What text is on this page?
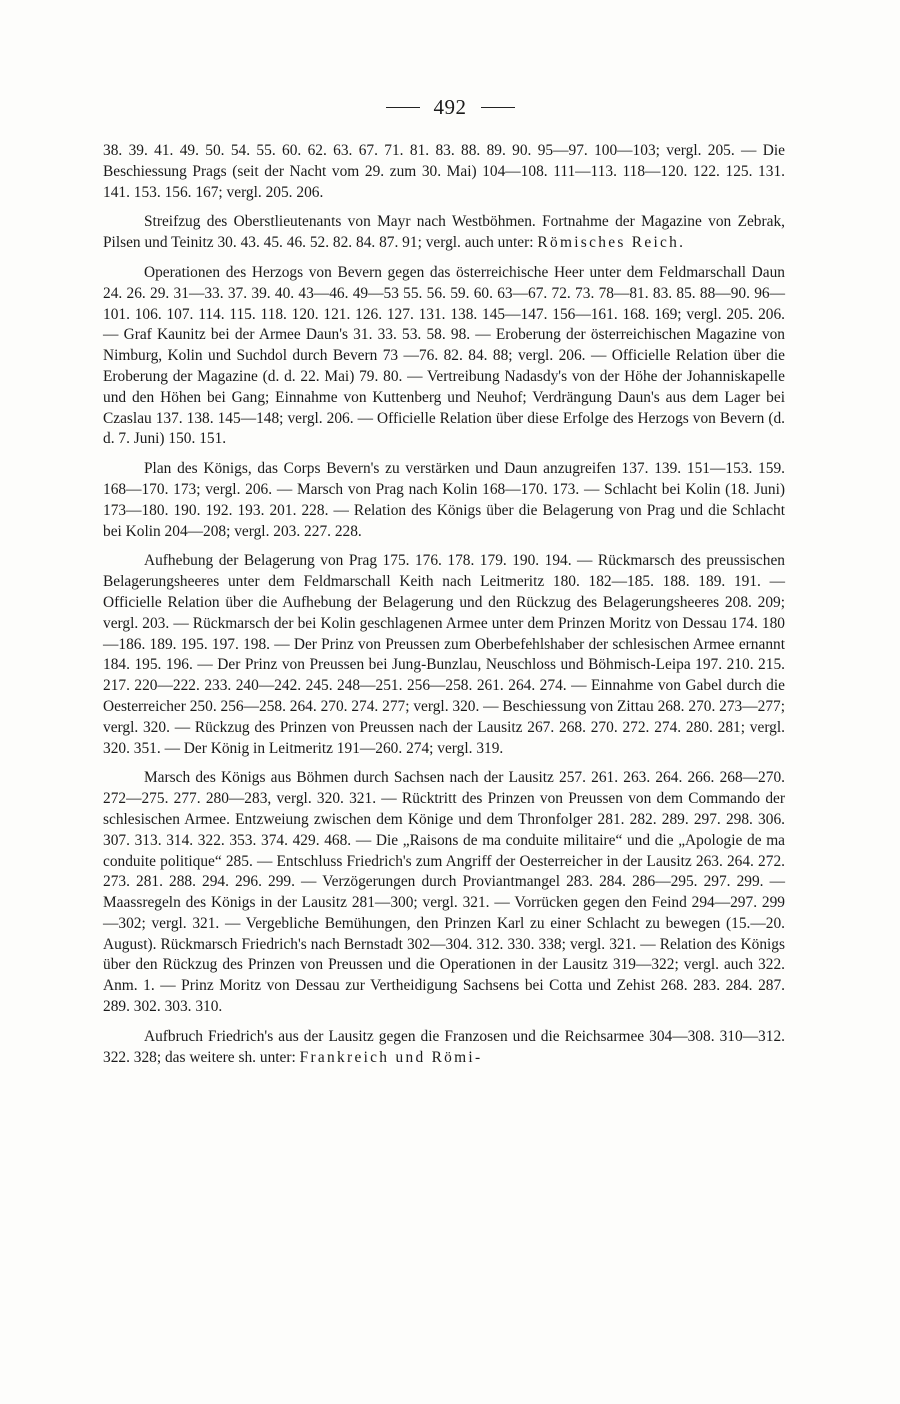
492

38. 39. 41. 49. 50. 54. 55. 60. 62. 63. 67. 71. 81. 83. 88. 89. 90. 95—97. 100—103; vergl. 205. — Die Beschiessung Prags (seit der Nacht vom 29. zum 30. Mai) 104—108. 111—113. 118—120. 122. 125. 131. 141. 153. 156. 167; vergl. 205. 206.

Streifzug des Oberstlieutenants von Mayr nach Westböhmen. Fortnahme der Magazine von Zebrak, Pilsen und Teinitz 30. 43. 45. 46. 52. 82. 84. 87. 91; vergl. auch unter: Römisches Reich.

Operationen des Herzogs von Bevern gegen das österreichische Heer unter dem Feldmarschall Daun 24. 26. 29. 31—33. 37. 39. 40. 43—46. 49—53 55. 56. 59. 60. 63—67. 72. 73. 78—81. 83. 85. 88—90. 96—101. 106. 107. 114. 115. 118. 120. 121. 126. 127. 131. 138. 145—147. 156—161. 168. 169; vergl. 205. 206. — Graf Kaunitz bei der Armee Daun's 31. 33. 53. 58. 98. — Eroberung der österreichischen Magazine von Nimburg, Kolin und Suchdol durch Bevern 73 —76. 82. 84. 88; vergl. 206. — Officielle Relation über die Eroberung der Magazine (d. d. 22. Mai) 79. 80. — Vertreibung Nadasdy's von der Höhe der Johanniskapelle und den Höhen bei Gang; Einnahme von Kuttenberg und Neuhof; Verdrängung Daun's aus dem Lager bei Czaslau 137. 138. 145—148; vergl. 206. — Officielle Relation über diese Erfolge des Herzogs von Bevern (d. d. 7. Juni) 150. 151.

Plan des Königs, das Corps Bevern's zu verstärken und Daun anzugreifen 137. 139. 151—153. 159. 168—170. 173; vergl. 206. — Marsch von Prag nach Kolin 168—170. 173. — Schlacht bei Kolin (18. Juni) 173—180. 190. 192. 193. 201. 228. — Relation des Königs über die Belagerung von Prag und die Schlacht bei Kolin 204—208; vergl. 203. 227. 228.

Aufhebung der Belagerung von Prag 175. 176. 178. 179. 190. 194. — Rückmarsch des preussischen Belagerungsheeres unter dem Feldmarschall Keith nach Leitmeritz 180. 182—185. 188. 189. 191. — Officielle Relation über die Aufhebung der Belagerung und den Rückzug des Belagerungsheeres 208. 209; vergl. 203. — Rückmarsch der bei Kolin geschlagenen Armee unter dem Prinzen Moritz von Dessau 174. 180—186. 189. 195. 197. 198. — Der Prinz von Preussen zum Oberbefehlshaber der schlesischen Armee ernannt 184. 195. 196. — Der Prinz von Preussen bei Jung-Bunzlau, Neuschloss und Böhmisch-Leipa 197. 210. 215. 217. 220—222. 233. 240—242. 245. 248—251. 256—258. 261. 264. 274. — Einnahme von Gabel durch die Oesterreicher 250. 256—258. 264. 270. 274. 277; vergl. 320. — Beschiessung von Zittau 268. 270. 273—277; vergl. 320. — Rückzug des Prinzen von Preussen nach der Lausitz 267. 268. 270. 272. 274. 280. 281; vergl. 320. 351. — Der König in Leitmeritz 191—260. 274; vergl. 319.

Marsch des Königs aus Böhmen durch Sachsen nach der Lausitz 257. 261. 263. 264. 266. 268—270. 272—275. 277. 280—283, vergl. 320. 321. — Rücktritt des Prinzen von Preussen von dem Commando der schlesischen Armee. Entzweiung zwischen dem Könige und dem Thronfolger 281. 282. 289. 297. 298. 306. 307. 313. 314. 322. 353. 374. 429. 468. — Die „Raisons de ma conduite militaire“ und die „Apologie de ma conduite politique“ 285. — Entschluss Friedrich's zum Angriff der Oesterreicher in der Lausitz 263. 264. 272. 273. 281. 288. 294. 296. 299. — Verzögerungen durch Proviantmangel 283. 284. 286—295. 297. 299. — Maassregeln des Königs in der Lausitz 281—300; vergl. 321. — Vorrücken gegen den Feind 294—297. 299—302; vergl. 321. — Vergebliche Bemühungen, den Prinzen Karl zu einer Schlacht zu bewegen (15.—20. August). Rückmarsch Friedrich's nach Bernstadt 302—304. 312. 330. 338; vergl. 321. — Relation des Königs über den Rückzug des Prinzen von Preussen und die Operationen in der Lausitz 319—322; vergl. auch 322. Anm. 1. — Prinz Moritz von Dessau zur Vertheidigung Sachsens bei Cotta und Zehist 268. 283. 284. 287. 289. 302. 303. 310.

Aufbruch Friedrich's aus der Lausitz gegen die Franzosen und die Reichsarmee 304—308. 310—312. 322. 328; das weitere sh. unter: Frankreich und Römi-
